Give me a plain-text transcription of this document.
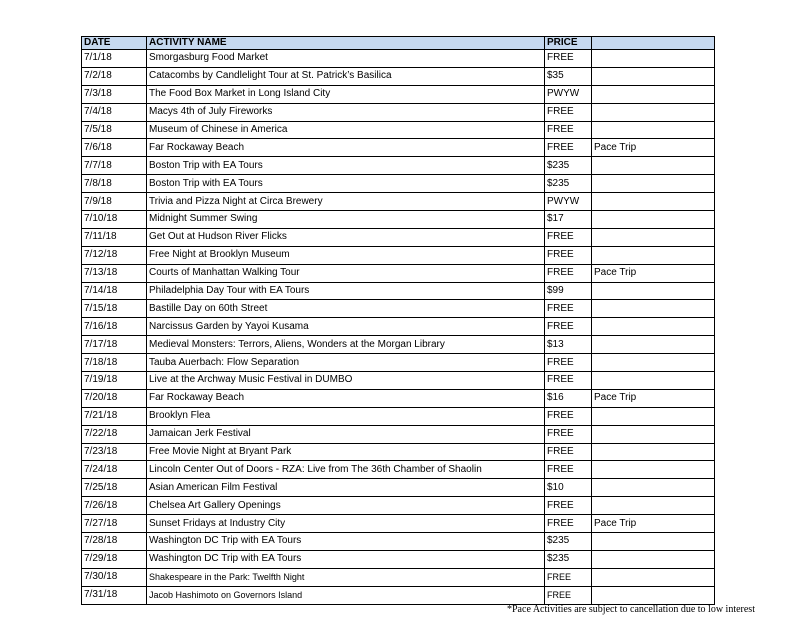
DATE	ACTIVITY NAME	PRICE	
7/1/18	Smorgasburg Food Market	FREE	
7/2/18	Catacombs by Candlelight Tour at St. Patrick’s Basilica	$35	
7/3/18	The Food Box Market in Long Island City	PWYW	
7/4/18	Macys 4th of July Fireworks	FREE	
7/5/18	Museum of Chinese in America	FREE	
7/6/18	Far Rockaway Beach	FREE	Pace Trip
7/7/18	Boston Trip with EA Tours	$235	
7/8/18	Boston Trip with EA Tours	$235	
7/9/18	Trivia and Pizza Night at Circa Brewery	PWYW	
7/10/18	Midnight Summer Swing	$17	
7/11/18	Get Out at Hudson River Flicks	FREE	
7/12/18	Free Night at Brooklyn Museum	FREE	
7/13/18	Courts of Manhattan Walking Tour	FREE	Pace Trip
7/14/18	Philadelphia Day Tour with EA Tours	$99	
7/15/18	Bastille Day on 60th Street	FREE	
7/16/18	Narcissus Garden by Yayoi Kusama	FREE	
7/17/18	Medieval Monsters: Terrors, Aliens, Wonders at the Morgan Library	$13	
7/18/18	Tauba Auerbach: Flow Separation	FREE	
7/19/18	Live at the Archway Music Festival in DUMBO	FREE	
7/20/18	Far Rockaway Beach	$16	Pace Trip
7/21/18	Brooklyn Flea	FREE	
7/22/18	Jamaican Jerk Festival	FREE	
7/23/18	Free Movie Night at Bryant Park	FREE	
7/24/18	Lincoln Center Out of Doors - RZA: Live from The 36th Chamber of Shaolin	FREE	
7/25/18	Asian American Film Festival	$10	
7/26/18	Chelsea Art Gallery Openings	FREE	
7/27/18	Sunset Fridays at Industry City	FREE	Pace Trip
7/28/18	Washington DC Trip with EA Tours	$235	
7/29/18	Washington DC Trip with EA Tours	$235	
7/30/18	Shakespeare in the Park: Twelfth Night	FREE	
7/31/18	Jacob Hashimoto on Governors Island	FREE	
*Pace Activities are subject to cancellation due to low interest
